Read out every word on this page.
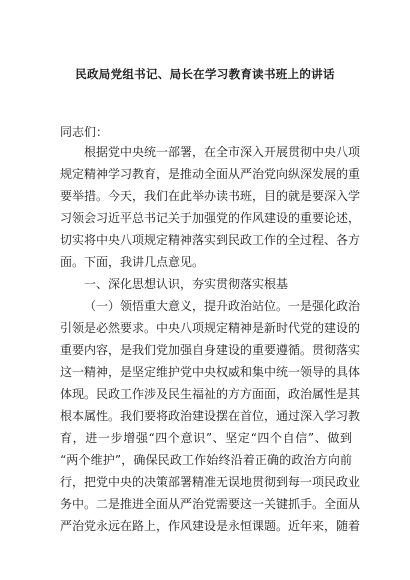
民政局党组书记、局长在学习教育读书班上的讲话
同志们：
根据党中央统一部署，在全市深入开展贯彻中央八项
规定精神学习教育，是推动全面从严治党向纵深发展的重
要举措。今天，我们在此举办读书班，目的就是要深入学
习领会习近平总书记关于加强党的作风建设的重要论述，
切实将中央八项规定精神落实到民政工作的全过程、各方
面。下面，我讲几点意见。
一、深化思想认识，夯实贯彻落实根基
（一）领悟重大意义，提升政治站位。一是强化政治
引领是必然要求。中央八项规定精神是新时代党的建设的
重要内容，是我们党加强自身建设的重要遵循。贯彻落实
这一精神，是坚定维护党中央权威和集中统一领导的具体
体现。民政工作涉及民生福祉的方方面面，政治属性是其
根本属性。我们要将政治建设摆在首位，通过深入学习教
育，进一步增强“四个意识”、坚定“四个自信”、做到
“两个维护”，确保民政工作始终沿着正确的政治方向前
行，把党中央的决策部署精准无误地贯彻到每一项民政业
务中。二是推进全面从严治党需要这一关键抓手。全面从
严治党永远在路上，作风建设是永恒课题。近年来，随着
